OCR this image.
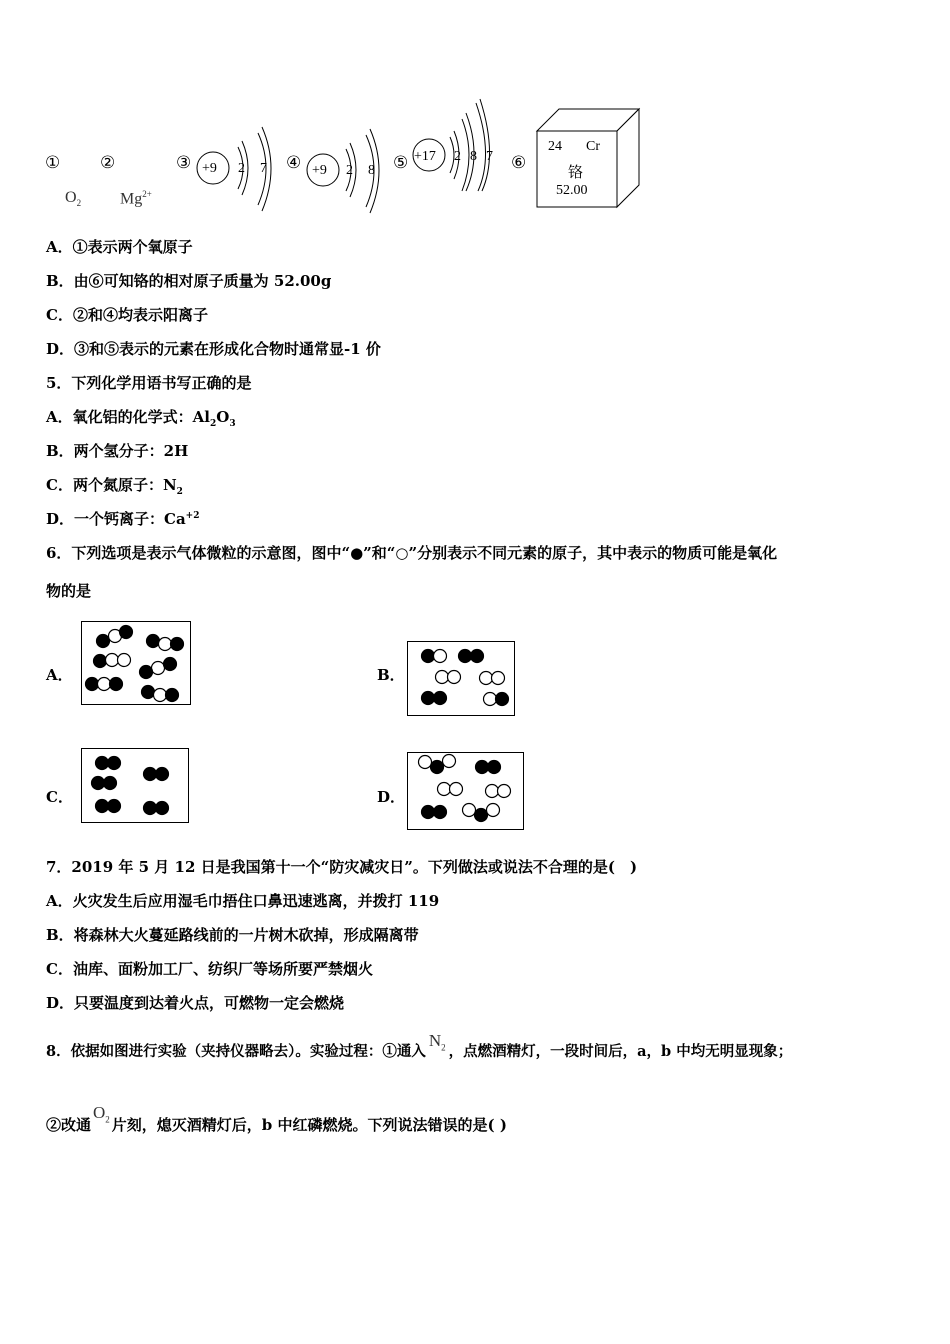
① ②	③	④	⑤	⑥
$O_2$ $Mg^{2+}$
+9 2 7	+9 2 8
+17 2 8 7
24 Cr
铬
52.00
A．①表示两个氧原子
B．由⑥可知铬的相对原子质量为 52.00g
C．②和④均表示阳离子
D．③和⑤表示的元素在形成化合物时通常显-1 价
5．下列化学用语书写正确的是
A．氧化铝的化学式：$Al_2O_3$
B．两个氢分子：2H
C．两个氮原子：$N_2$
D．一个钙离子：$Ca^{+2}$
6．下列选项是表示气体微粒的示意图，图中“●”和“○”分别表示不同元素的原子，其中表示的物质可能是氧化
物的是
A．	B．
C．	D．
7．2019 年 5 月 12 日是我国第十一个“防灾减灾日”。下列做法或说法不合理的是(　)
A．火灾发生后应用湿毛巾捂住口鼻迅速逃离，并拨打 119
B．将森林大火蔓延路线前的一片树木砍掉，形成隔离带
C．油库、面粉加工厂、纺织厂等场所要严禁烟火
D．只要温度到达着火点，可燃物一定会燃烧
8．依据如图进行实验（夹持仪器略去）。实验过程：①通入$N_2$ ，点燃酒精灯，一段时间后，a，b 中均无明显现象；
②改通$O_2$ 片刻，熄灭酒精灯后，b 中红磷燃烧。下列说法错误的是( )
